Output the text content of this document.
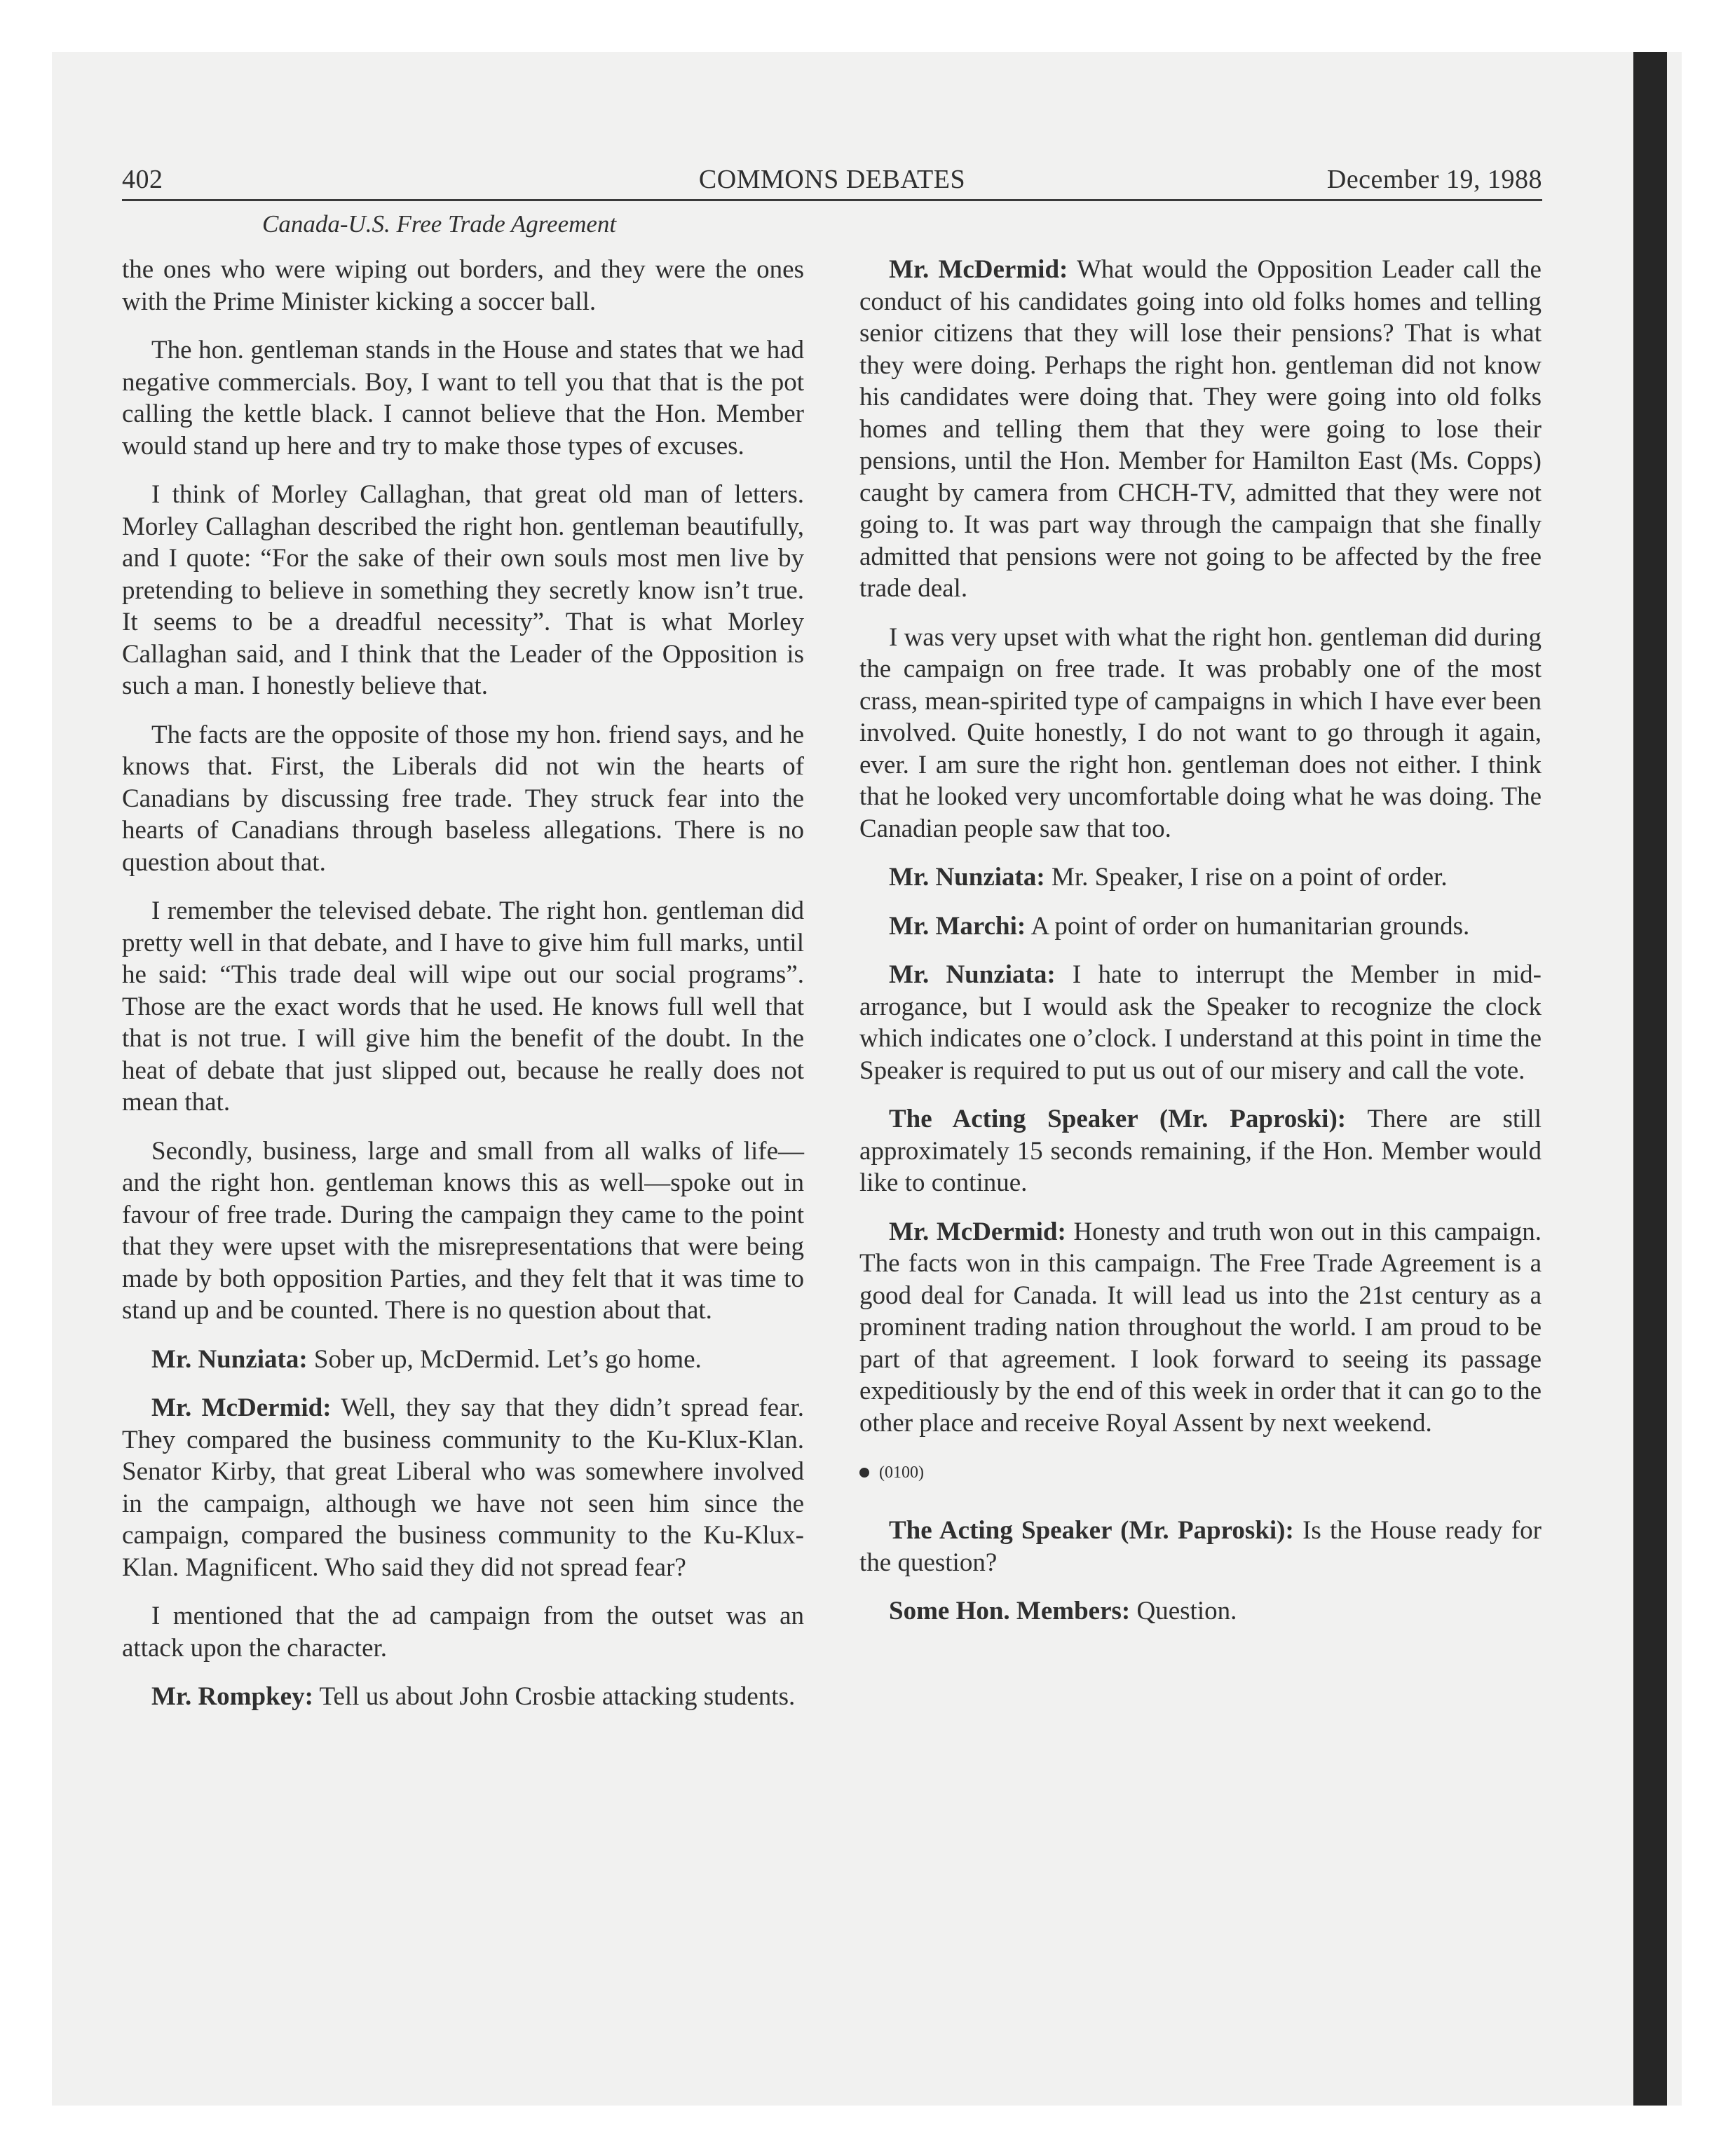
402	COMMONS DEBATES	December 19, 1988
Canada-U.S. Free Trade Agreement

the ones who were wiping out borders, and they were the ones with the Prime Minister kicking a soccer ball.

The hon. gentleman stands in the House and states that we had negative commercials. Boy, I want to tell you that that is the pot calling the kettle black. I cannot believe that the Hon. Member would stand up here and try to make those types of excuses.

I think of Morley Callaghan, that great old man of letters. Morley Callaghan described the right hon. gentleman beautifully, and I quote: “For the sake of their own souls most men live by pretending to believe in something they secretly know isn’t true. It seems to be a dreadful necessity”. That is what Morley Callaghan said, and I think that the Leader of the Opposition is such a man. I honestly believe that.

The facts are the opposite of those my hon. friend says, and he knows that. First, the Liberals did not win the hearts of Canadians by discussing free trade. They struck fear into the hearts of Canadians through baseless allegations. There is no question about that.

I remember the televised debate. The right hon. gentleman did pretty well in that debate, and I have to give him full marks, until he said: “This trade deal will wipe out our social programs”. Those are the exact words that he used. He knows full well that that is not true. I will give him the benefit of the doubt. In the heat of debate that just slipped out, because he really does not mean that.

Secondly, business, large and small from all walks of life—and the right hon. gentleman knows this as well—spoke out in favour of free trade. During the campaign they came to the point that they were upset with the misrepresentations that were being made by both opposition Parties, and they felt that it was time to stand up and be counted. There is no question about that.

Mr. Nunziata: Sober up, McDermid. Let’s go home.

Mr. McDermid: Well, they say that they didn’t spread fear. They compared the business community to the Ku-Klux-Klan. Senator Kirby, that great Liberal who was somewhere involved in the campaign, although we have not seen him since the campaign, compared the business community to the Ku-Klux-Klan. Magnificent. Who said they did not spread fear?

I mentioned that the ad campaign from the outset was an attack upon the character.

Mr. Rompkey: Tell us about John Crosbie attacking students.

Mr. McDermid: What would the Opposition Leader call the conduct of his candidates going into old folks homes and telling senior citizens that they will lose their pensions? That is what they were doing. Perhaps the right hon. gentleman did not know his candidates were doing that. They were going into old folks homes and telling them that they were going to lose their pensions, until the Hon. Member for Hamilton East (Ms. Copps) caught by camera from CHCH-TV, admitted that they were not going to. It was part way through the campaign that she finally admitted that pensions were not going to be affected by the free trade deal.

I was very upset with what the right hon. gentleman did during the campaign on free trade. It was probably one of the most crass, mean-spirited type of campaigns in which I have ever been involved. Quite honestly, I do not want to go through it again, ever. I am sure the right hon. gentleman does not either. I think that he looked very uncomfortable doing what he was doing. The Canadian people saw that too.

Mr. Nunziata: Mr. Speaker, I rise on a point of order.

Mr. Marchi: A point of order on humanitarian grounds.

Mr. Nunziata: I hate to interrupt the Member in mid-arrogance, but I would ask the Speaker to recognize the clock which indicates one o’clock. I understand at this point in time the Speaker is required to put us out of our misery and call the vote.

The Acting Speaker (Mr. Paproski): There are still approximately 15 seconds remaining, if the Hon. Member would like to continue.

Mr. McDermid: Honesty and truth won out in this campaign. The facts won in this campaign. The Free Trade Agreement is a good deal for Canada. It will lead us into the 21st century as a prominent trading nation throughout the world. I am proud to be part of that agreement. I look forward to seeing its passage expeditiously by the end of this week in order that it can go to the other place and receive Royal Assent by next weekend.

(0100)

The Acting Speaker (Mr. Paproski): Is the House ready for the question?

Some Hon. Members: Question.
